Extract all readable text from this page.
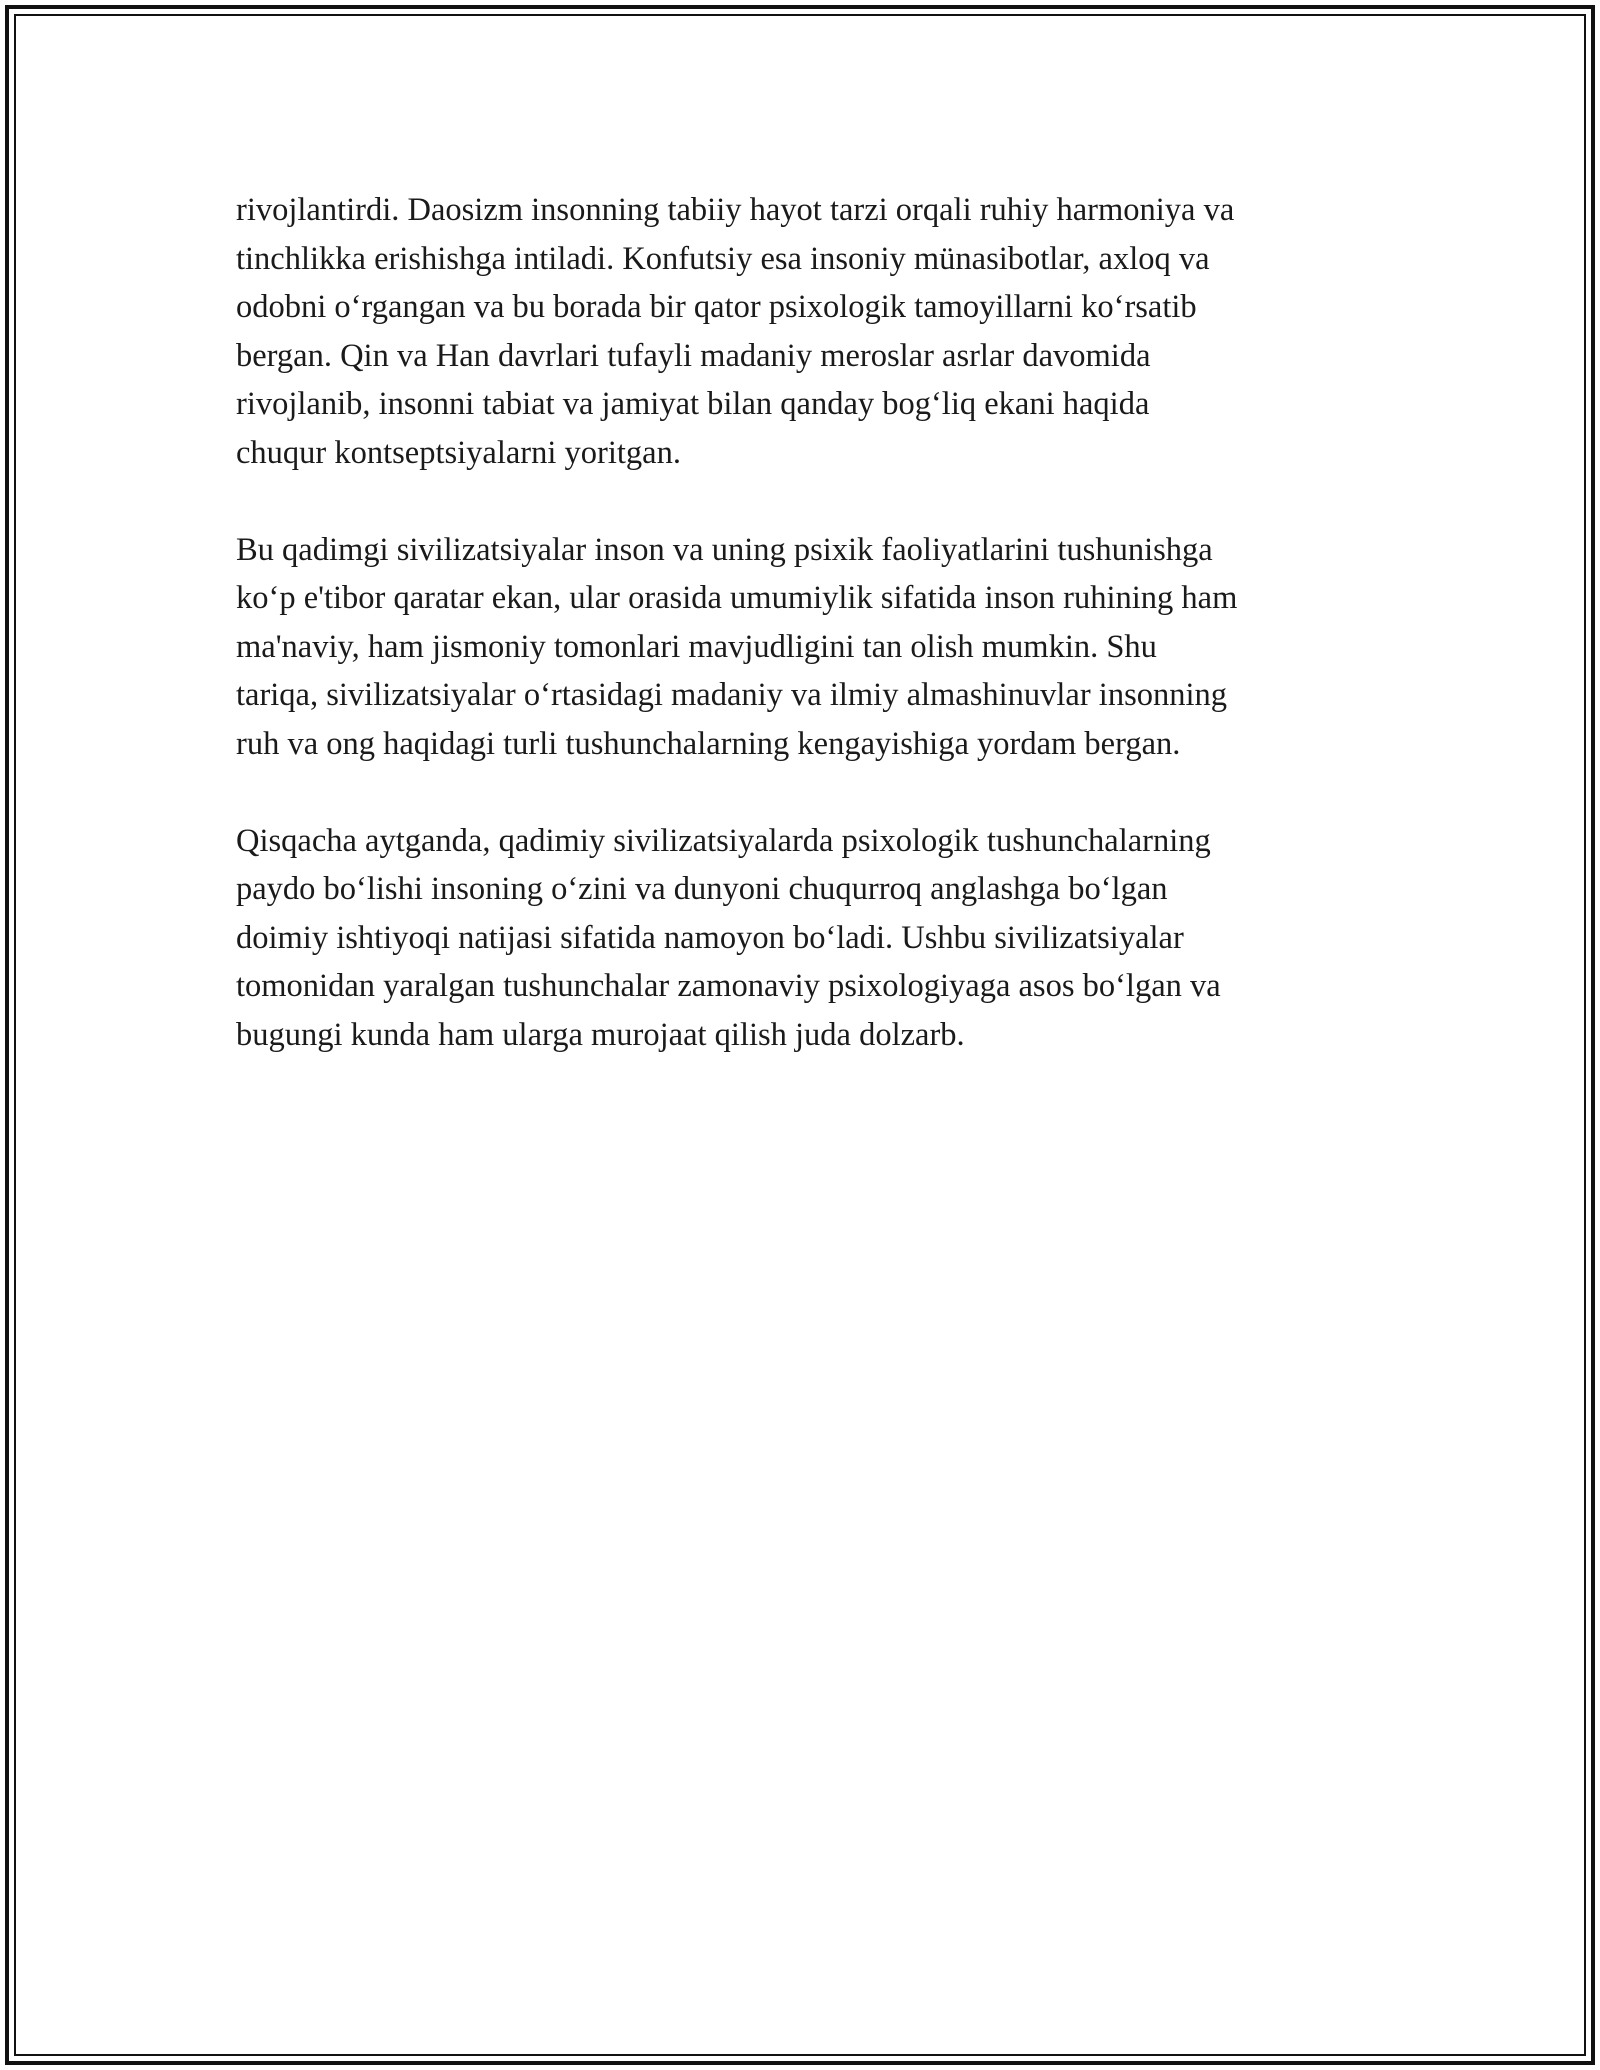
rivojlantirdi. Daosizm insonning tabiiy hayot tarzi orqali ruhiy harmoniya va
tinchlikka erishishga intiladi. Konfutsiy esa insoniy münasibotlar, axloq va
odobni o‘rgangan va bu borada bir qator psixologik tamoyillarni ko‘rsatib
bergan. Qin va Han davrlari tufayli madaniy meroslar asrlar davomida
rivojlanib, insonni tabiat va jamiyat bilan qanday bog‘liq ekani haqida
chuqur kontseptsiyalarni yoritgan.

Bu qadimgi sivilizatsiyalar inson va uning psixik faoliyatlarini tushunishga
ko‘p e'tibor qaratar ekan, ular orasida umumiylik sifatida inson ruhining ham
ma'naviy, ham jismoniy tomonlari mavjudligini tan olish mumkin. Shu
tariqa, sivilizatsiyalar o‘rtasidagi madaniy va ilmiy almashinuvlar insonning
ruh va ong haqidagi turli tushunchalarning kengayishiga yordam bergan.

Qisqacha aytganda, qadimiy sivilizatsiyalarda psixologik tushunchalarning
paydo bo‘lishi insoning o‘zini va dunyoni chuqurroq anglashga bo‘lgan
doimiy ishtiyoqi natijasi sifatida namoyon bo‘ladi. Ushbu sivilizatsiyalar
tomonidan yaralgan tushunchalar zamonaviy psixologiyaga asos bo‘lgan va
bugungi kunda ham ularga murojaat qilish juda dolzarb.
